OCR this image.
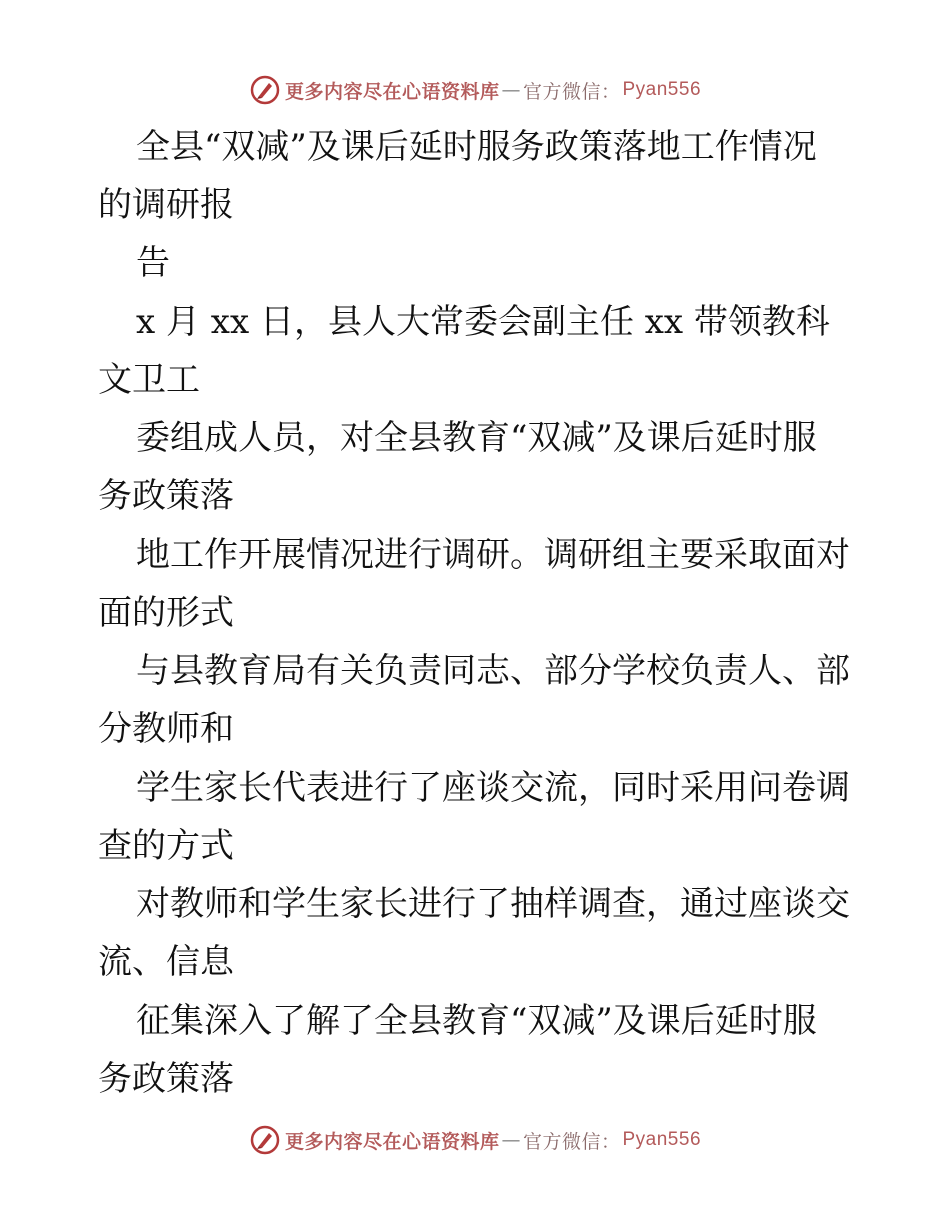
更多内容尽在心语资料库 — 官方微信： Pyan556
全县“双减”及课后延时服务政策落地工作情况
的调研报
告
x 月 xx 日，县人大常委会副主任 xx 带领教科
文卫工
委组成人员，对全县教育“双减”及课后延时服
务政策落
地工作开展情况进行调研。调研组主要采取面对
面的形式
与县教育局有关负责同志、部分学校负责人、部
分教师和
学生家长代表进行了座谈交流，同时采用问卷调
查的方式
对教师和学生家长进行了抽样调查，通过座谈交
流、信息
征集深入了解了全县教育“双减”及课后延时服
务政策落
更多内容尽在心语资料库 — 官方微信： Pyan556
